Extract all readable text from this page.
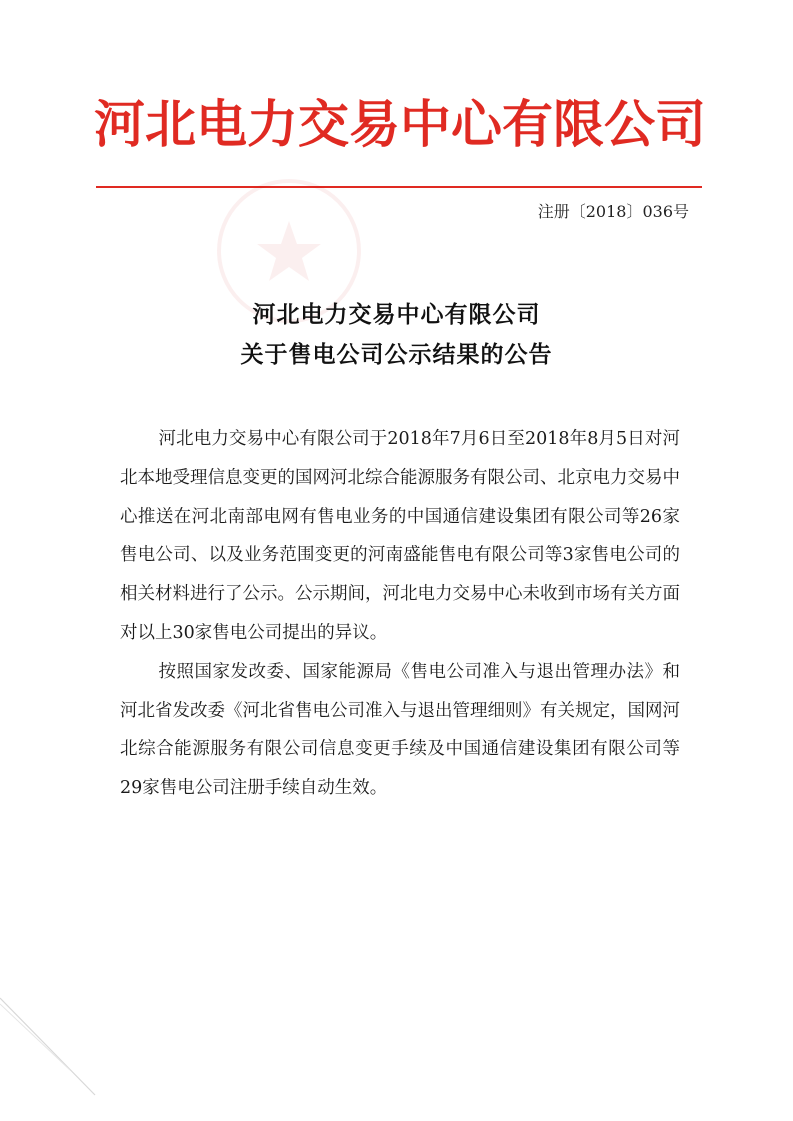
河北电力交易中心有限公司
注册〔2018〕036号
河北电力交易中心有限公司
关于售电公司公示结果的公告

河北电力交易中心有限公司于2018年7月6日至2018年8月5日对河北本地受理信息变更的国网河北综合能源服务有限公司、北京电力交易中心推送在河北南部电网有售电业务的中国通信建设集团有限公司等26家售电公司、以及业务范围变更的河南盛能售电有限公司等3家售电公司的相关材料进行了公示。公示期间，河北电力交易中心未收到市场有关方面对以上30家售电公司提出的异议。

按照国家发改委、国家能源局《售电公司准入与退出管理办法》和河北省发改委《河北省售电公司准入与退出管理细则》有关规定，国网河北综合能源服务有限公司信息变更手续及中国通信建设集团有限公司等29家售电公司注册手续自动生效。
